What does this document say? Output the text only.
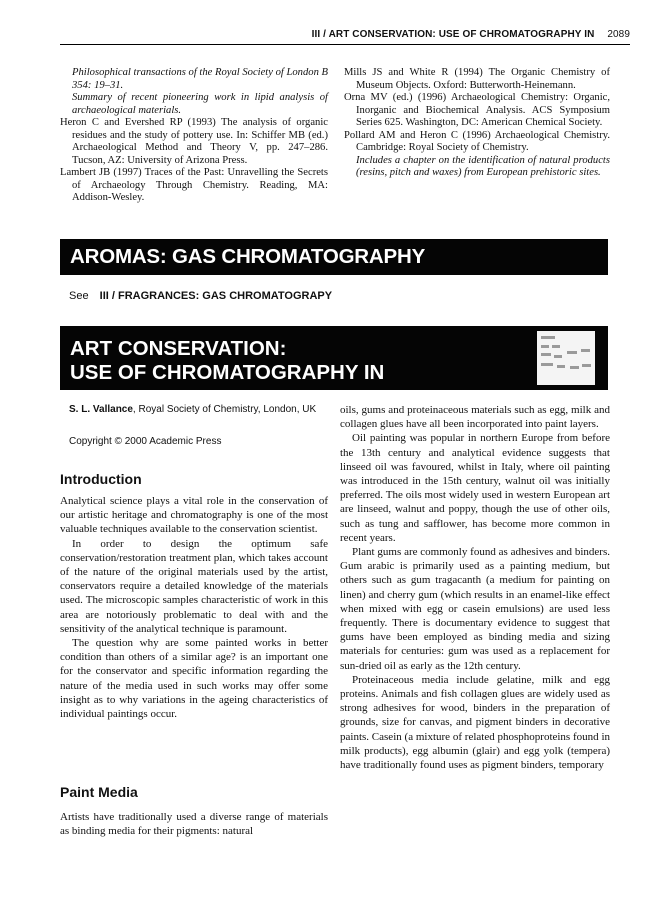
III / ART CONSERVATION: USE OF CHROMATOGRAPHY IN 2089

Philosophical transactions of the Royal Society of London B 354: 19–31.

Summary of recent pioneering work in lipid analysis of archaeological materials.

Heron C and Evershed RP (1993) The analysis of organic residues and the study of pottery use. In: Schiffer MB (ed.) Archaeological Method and Theory V, pp. 247–286. Tucson, AZ: University of Arizona Press.

Lambert JB (1997) Traces of the Past: Unravelling the Secrets of Archaeology Through Chemistry. Reading, MA: Addison-Wesley.

Mills JS and White R (1994) The Organic Chemistry of Museum Objects. Oxford: Butterworth-Heinemann.

Orna MV (ed.) (1996) Archaeological Chemistry: Organic, Inorganic and Biochemical Analysis. ACS Symposium Series 625. Washington, DC: American Chemical Society.

Pollard AM and Heron C (1996) Archaeological Chemistry. Cambridge: Royal Society of Chemistry.

Includes a chapter on the identification of natural products (resins, pitch and waxes) from European prehistoric sites.

AROMAS: GAS CHROMATOGRAPHY
See III / FRAGRANCES: GAS CHROMATOGRAPY
ART CONSERVATION:
USE OF CHROMATOGRAPHY IN
S. L. Vallance, Royal Society of Chemistry, London, UK
Copyright © 2000 Academic Press
Introduction

Analytical science plays a vital role in the conservation of our artistic heritage and chromatography is one of the most valuable techniques available to the conservation scientist.

In order to design the optimum safe conservation/restoration treatment plan, which takes account of the nature of the original materials used by the artist, conservators require a detailed knowledge of the materials used. The microscopic samples characteristic of work in this area are notoriously problematic to deal with and the sensitivity of the analytical technique is paramount.

The question why are some painted works in better condition than others of a similar age? is an important one for the conservator and specific information regarding the nature of the media used in such works may offer some insight as to why variations in the ageing characteristics of individual paintings occur.

Paint Media

Artists have traditionally used a diverse range of materials as binding media for their pigments: natural

oils, gums and proteinaceous materials such as egg, milk and collagen glues have all been incorporated into paint layers.

Oil painting was popular in northern Europe from before the 13th century and analytical evidence suggests that linseed oil was favoured, whilst in Italy, where oil painting was introduced in the 15th century, walnut oil was initially preferred. The oils most widely used in western European art are linseed, walnut and poppy, though the use of other oils, such as tung and safflower, has become more common in recent years.

Plant gums are commonly found as adhesives and binders. Gum arabic is primarily used as a painting medium, but others such as gum tragacanth (a medium for painting on linen) and cherry gum (which results in an enamel-like effect when mixed with egg or casein emulsions) are used less frequently. There is documentary evidence to suggest that gums have been employed as binding media and sizing materials for centuries: gum was used as a replacement for sun-dried oil as early as the 12th century.

Proteinaceous media include gelatine, milk and egg proteins. Animals and fish collagen glues are widely used as strong adhesives for wood, binders in the preparation of grounds, size for canvas, and pigment binders in decorative paints. Casein (a mixture of related phosphoproteins found in milk products), egg albumin (glair) and egg yolk (tempera) have traditionally found uses as pigment binders, temporary
